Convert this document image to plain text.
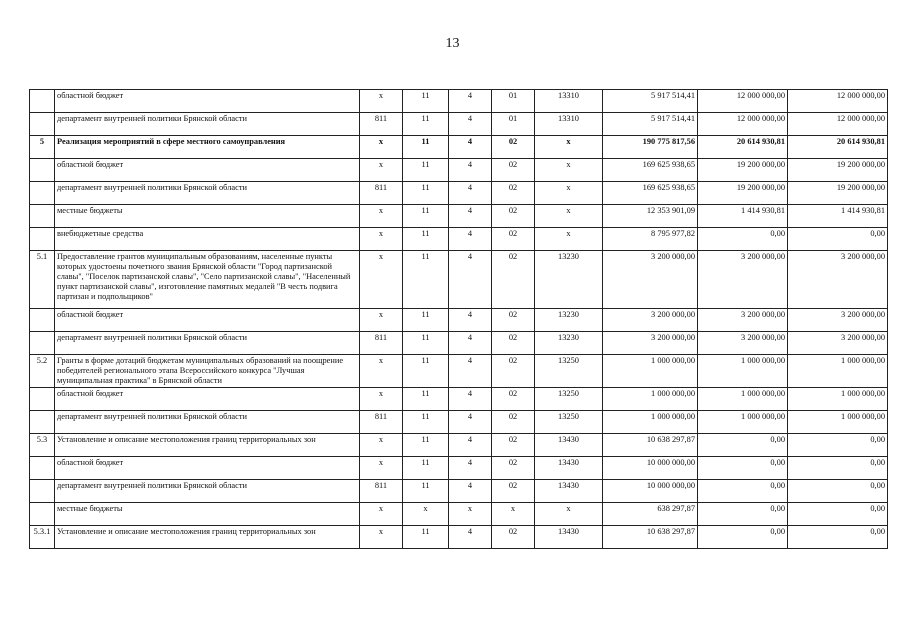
13
	областной бюджет	x	11	4	01	13310	5 917 514,41	12 000 000,00	12 000 000,00
	департамент внутренней политики Брянской области	811	11	4	01	13310	5 917 514,41	12 000 000,00	12 000 000,00
5	Реализация мероприятий в сфере местного самоуправления	x	11	4	02	x	190 775 817,56	20 614 930,81	20 614 930,81
	областной бюджет	x	11	4	02	x	169 625 938,65	19 200 000,00	19 200 000,00
	департамент внутренней политики Брянской области	811	11	4	02	x	169 625 938,65	19 200 000,00	19 200 000,00
	местные бюджеты	x	11	4	02	x	12 353 901,09	1 414 930,81	1 414 930,81
	внебюджетные средства	x	11	4	02	x	8 795 977,82	0,00	0,00
5.1	Предоставление грантов муниципальным образованиям, населенные пункты которых удостоены почетного звания Брянской области "Город партизанской славы", "Поселок партизанской славы", "Село партизанской славы", "Населенный пункт партизанской славы", изготовление памятных медалей "В честь подвига партизан и подпольщиков"	x	11	4	02	13230	3 200 000,00	3 200 000,00	3 200 000,00
	областной бюджет	x	11	4	02	13230	3 200 000,00	3 200 000,00	3 200 000,00
	департамент внутренней политики Брянской области	811	11	4	02	13230	3 200 000,00	3 200 000,00	3 200 000,00
5.2	Гранты в форме дотаций бюджетам муниципальных образований на поощрение победителей регионального этапа Всероссийского конкурса "Лучшая муниципальная практика" в Брянской области	x	11	4	02	13250	1 000 000,00	1 000 000,00	1 000 000,00
	областной бюджет	x	11	4	02	13250	1 000 000,00	1 000 000,00	1 000 000,00
	департамент внутренней политики Брянской области	811	11	4	02	13250	1 000 000,00	1 000 000,00	1 000 000,00
5.3	Установление и описание местоположения границ территориальных зон	x	11	4	02	13430	10 638 297,87	0,00	0,00
	областной бюджет	x	11	4	02	13430	10 000 000,00	0,00	0,00
	департамент внутренней политики Брянской области	811	11	4	02	13430	10 000 000,00	0,00	0,00
	местные бюджеты	x	x	x	x	x	638 297,87	0,00	0,00
5.3.1	Установление и описание местоположения границ территориальных зон	x	11	4	02	13430	10 638 297,87	0,00	0,00
